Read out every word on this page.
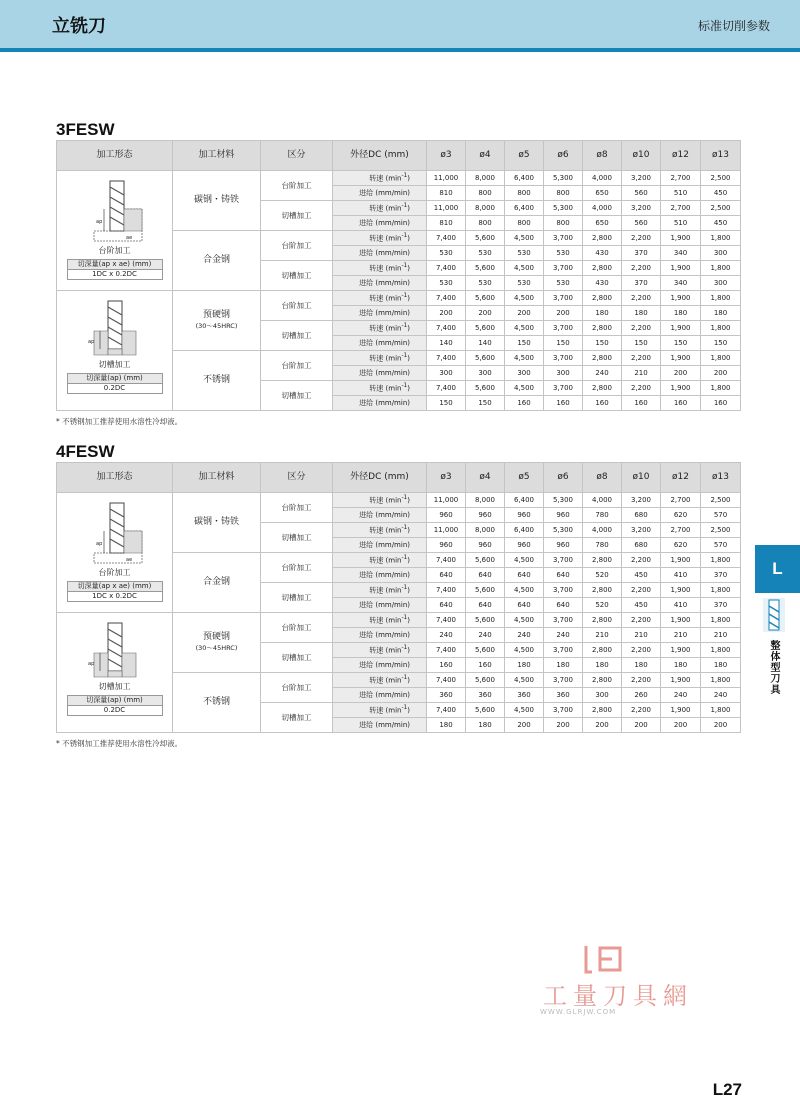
立铣刀	标准切削参数
3FESW
加工形态	加工材料	区分	外径DC (mm)	ø3	ø4	ø5	ø6	ø8	ø10	ø12	ø13

ap
ae
台阶加工
切深量(ap x ae) (mm)
1DC x 0.2DC	碳钢・铸铁	台阶加工	转速 $(\min^{-1})$	11,000	8,000	6,400	5,300	4,000	3,200	2,700	2,500
			进给 (mm/min)	810	800	800	800	650	560	510	450
		切槽加工	转速 $(\min^{-1})$	11,000	8,000	6,400	5,300	4,000	3,200	2,700	2,500
			进给 (mm/min)	810	800	800	800	650	560	510	450
	合金钢	台阶加工	转速 $(\min^{-1})$	7,400	5,600	4,500	3,700	2,800	2,200	1,900	1,800
			进给 (mm/min)	530	530	530	530	430	370	340	300
		切槽加工	转速 $(\min^{-1})$	7,400	5,600	4,500	3,700	2,800	2,200	1,900	1,800
			进给 (mm/min)	530	530	530	530	430	370	340	300

ap
切槽加工
切深量(ap) (mm)
0.2DC	预硬钢
(30～45HRC)	台阶加工	转速 $(\min^{-1})$	7,400	5,600	4,500	3,700	2,800	2,200	1,900	1,800
			进给 (mm/min)	200	200	200	200	180	180	180	180
		切槽加工	转速 $(\min^{-1})$	7,400	5,600	4,500	3,700	2,800	2,200	1,900	1,800
			进给 (mm/min)	140	140	150	150	150	150	150	150
	不锈钢	台阶加工	转速 $(\min^{-1})$	7,400	5,600	4,500	3,700	2,800	2,200	1,900	1,800
			进给 (mm/min)	300	300	300	300	240	210	200	200
		切槽加工	转速 $(\min^{-1})$	7,400	5,600	4,500	3,700	2,800	2,200	1,900	1,800
			进给 (mm/min)	150	150	160	160	160	160	160	160
* 不锈钢加工推荐使用水溶性冷却液。
4FESW
加工形态	加工材料	区分	外径DC (mm)	ø3	ø4	ø5	ø6	ø8	ø10	ø12	ø13

ap
ae
台阶加工
切深量(ap x ae) (mm)
1DC x 0.2DC	碳钢・铸铁	台阶加工	转速 $(\min^{-1})$	11,000	8,000	6,400	5,300	4,000	3,200	2,700	2,500
			进给 (mm/min)	960	960	960	960	780	680	620	570
		切槽加工	转速 $(\min^{-1})$	11,000	8,000	6,400	5,300	4,000	3,200	2,700	2,500
			进给 (mm/min)	960	960	960	960	780	680	620	570
	合金钢	台阶加工	转速 $(\min^{-1})$	7,400	5,600	4,500	3,700	2,800	2,200	1,900	1,800
			进给 (mm/min)	640	640	640	640	520	450	410	370
		切槽加工	转速 $(\min^{-1})$	7,400	5,600	4,500	3,700	2,800	2,200	1,900	1,800
			进给 (mm/min)	640	640	640	640	520	450	410	370

ap
切槽加工
切深量(ap) (mm)
0.2DC	预硬钢
(30～45HRC)	台阶加工	转速 $(\min^{-1})$	7,400	5,600	4,500	3,700	2,800	2,200	1,900	1,800
			进给 (mm/min)	240	240	240	240	210	210	210	210
		切槽加工	转速 $(\min^{-1})$	7,400	5,600	4,500	3,700	2,800	2,200	1,900	1,800
			进给 (mm/min)	160	160	180	180	180	180	180	180
	不锈钢	台阶加工	转速 $(\min^{-1})$	7,400	5,600	4,500	3,700	2,800	2,200	1,900	1,800
			进给 (mm/min)	360	360	360	360	300	260	240	240
		切槽加工	转速 $(\min^{-1})$	7,400	5,600	4,500	3,700	2,800	2,200	1,900	1,800
			进给 (mm/min)	180	180	200	200	200	200	200	200
* 不锈钢加工推荐使用水溶性冷却液。
L
整体型刀具
工量刀具網
WWW.GLRJW.COM
L27
